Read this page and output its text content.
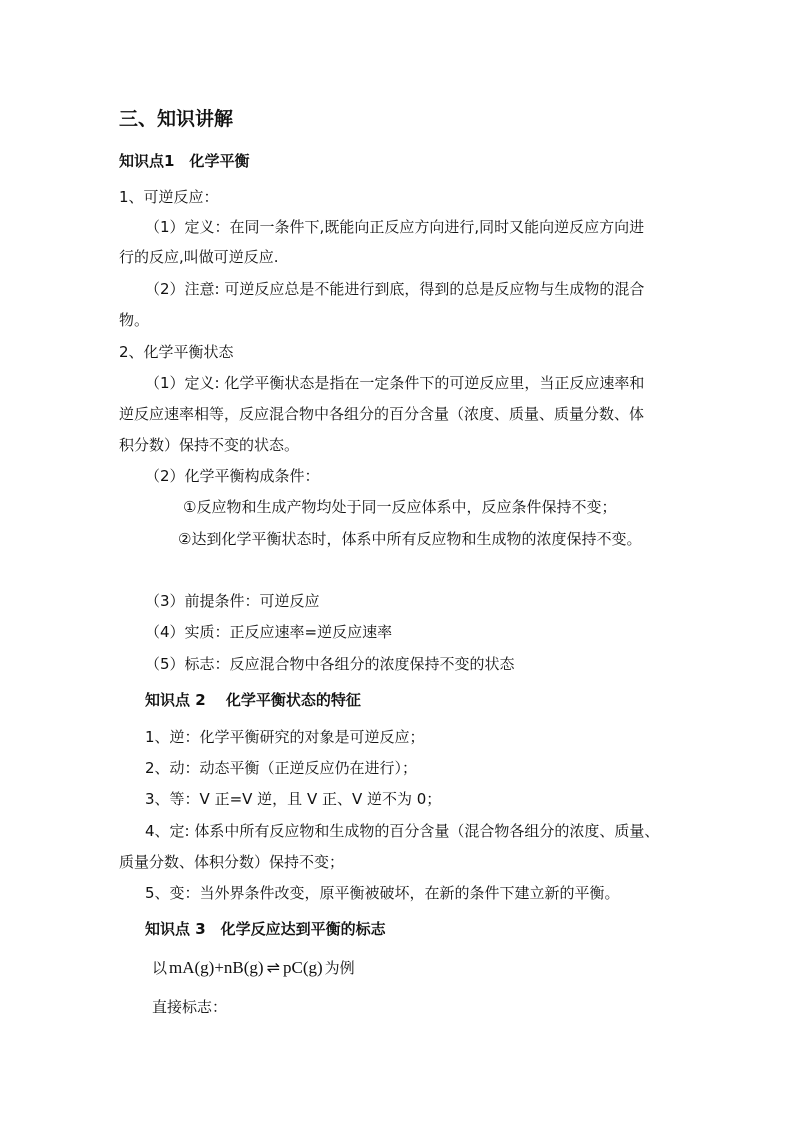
三、知识讲解
知识点1　化学平衡
1、可逆反应：
（1）定义：在同一条件下,既能向正反应方向进行,同时又能向逆反应方向进
行的反应,叫做可逆反应.
（2）注意: 可逆反应总是不能进行到底，得到的总是反应物与生成物的混合
物。
2、化学平衡状态
（1）定义: 化学平衡状态是指在一定条件下的可逆反应里，当正反应速率和
逆反应速率相等，反应混合物中各组分的百分含量（浓度、质量、质量分数、体
积分数）保持不变的状态。
（2）化学平衡构成条件：
①反应物和生成产物均处于同一反应体系中，反应条件保持不变；
②达到化学平衡状态时，体系中所有反应物和生成物的浓度保持不变。
（3）前提条件：可逆反应
（4）实质：正反应速率=逆反应速率
（5）标志：反应混合物中各组分的浓度保持不变的状态
知识点 2　 化学平衡状态的特征
1、逆：化学平衡研究的对象是可逆反应；
2、动：动态平衡（正逆反应仍在进行）；
3、等：V 正=V 逆，且 V 正、V 逆不为 0；
4、定: 体系中所有反应物和生成物的百分含量（混合物各组分的浓度、质量、
质量分数、体积分数）保持不变；
5、变：当外界条件改变，原平衡被破坏，在新的条件下建立新的平衡。
知识点 3　化学反应达到平衡的标志
以 mA(g)+nB(g) ⇌ pC(g) 为例
直接标志：
